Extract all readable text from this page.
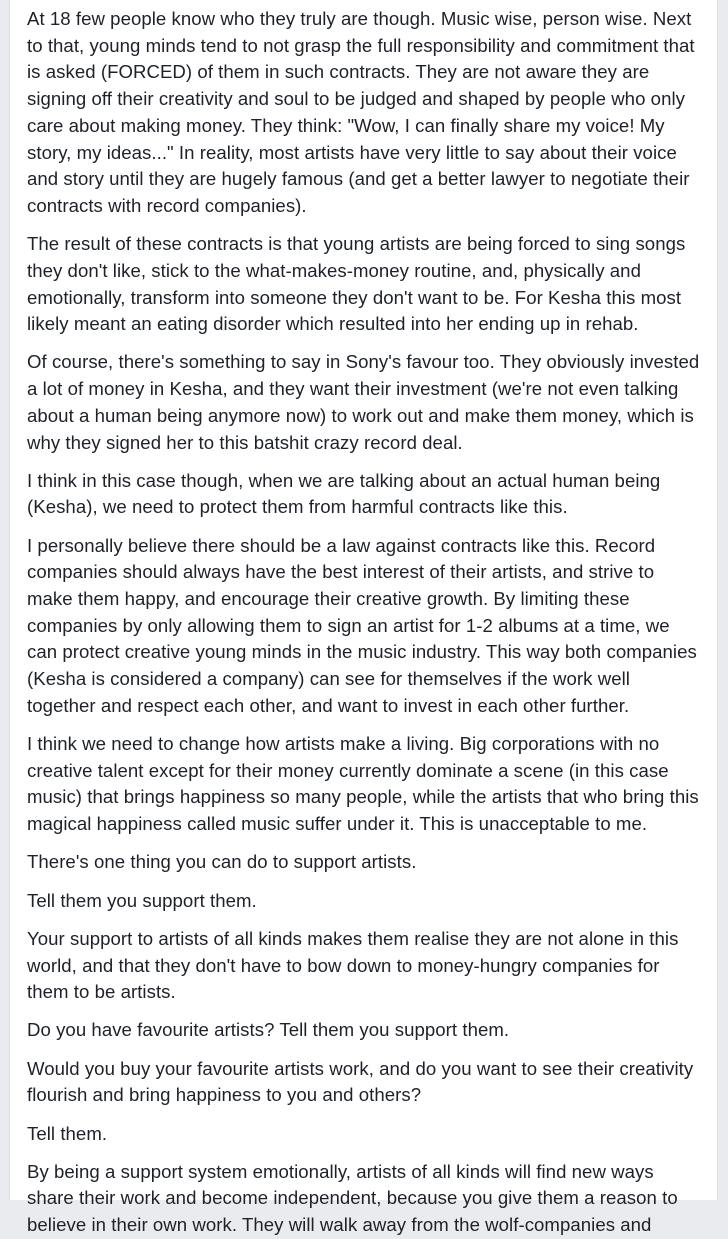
At 18 few people know who they truly are though. Music wise, person wise. Next to that, young minds tend to not grasp the full responsibility and commitment that is asked (FORCED) of them in such contracts. They are not aware they are signing off their creativity and soul to be judged and shaped by people who only care about making money. They think: "Wow, I can finally share my voice! My story, my ideas..." In reality, most artists have very little to say about their voice and story until they are hugely famous (and get a better lawyer to negotiate their contracts with record companies).

The result of these contracts is that young artists are being forced to sing songs they don't like, stick to the what-makes-money routine, and, physically and emotionally, transform into someone they don't want to be. For Kesha this most likely meant an eating disorder which resulted into her ending up in rehab.

Of course, there's something to say in Sony's favour too. They obviously invested a lot of money in Kesha, and they want their investment (we're not even talking about a human being anymore now) to work out and make them money, which is why they signed her to this batshit crazy record deal.

I think in this case though, when we are talking about an actual human being (Kesha), we need to protect them from harmful contracts like this.

I personally believe there should be a law against contracts like this. Record companies should always have the best interest of their artists, and strive to make them happy, and encourage their creative growth. By limiting these companies by only allowing them to sign an artist for 1-2 albums at a time, we can protect creative young minds in the music industry. This way both companies (Kesha is considered a company) can see for themselves if the work well together and respect each other, and want to invest in each other further.

I think we need to change how artists make a living. Big corporations with no creative talent except for their money currently dominate a scene (in this case music) that brings happiness so many people, while the artists that who bring this magical happiness called music suffer under it. This is unacceptable to me.

There's one thing you can do to support artists.

Tell them you support them.

Your support to artists of all kinds makes them realise they are not alone in this world, and that they don't have to bow down to money-hungry companies for them to be artists.

Do you have favourite artists? Tell them you support them.

Would you buy your favourite artists work, and do you want to see their creativity flourish and bring happiness to you and others?

Tell them.

By being a support system emotionally, artists of all kinds will find new ways share their work and become independent, because you give them a reason to believe in their own work. They will walk away from the wolf-companies and
